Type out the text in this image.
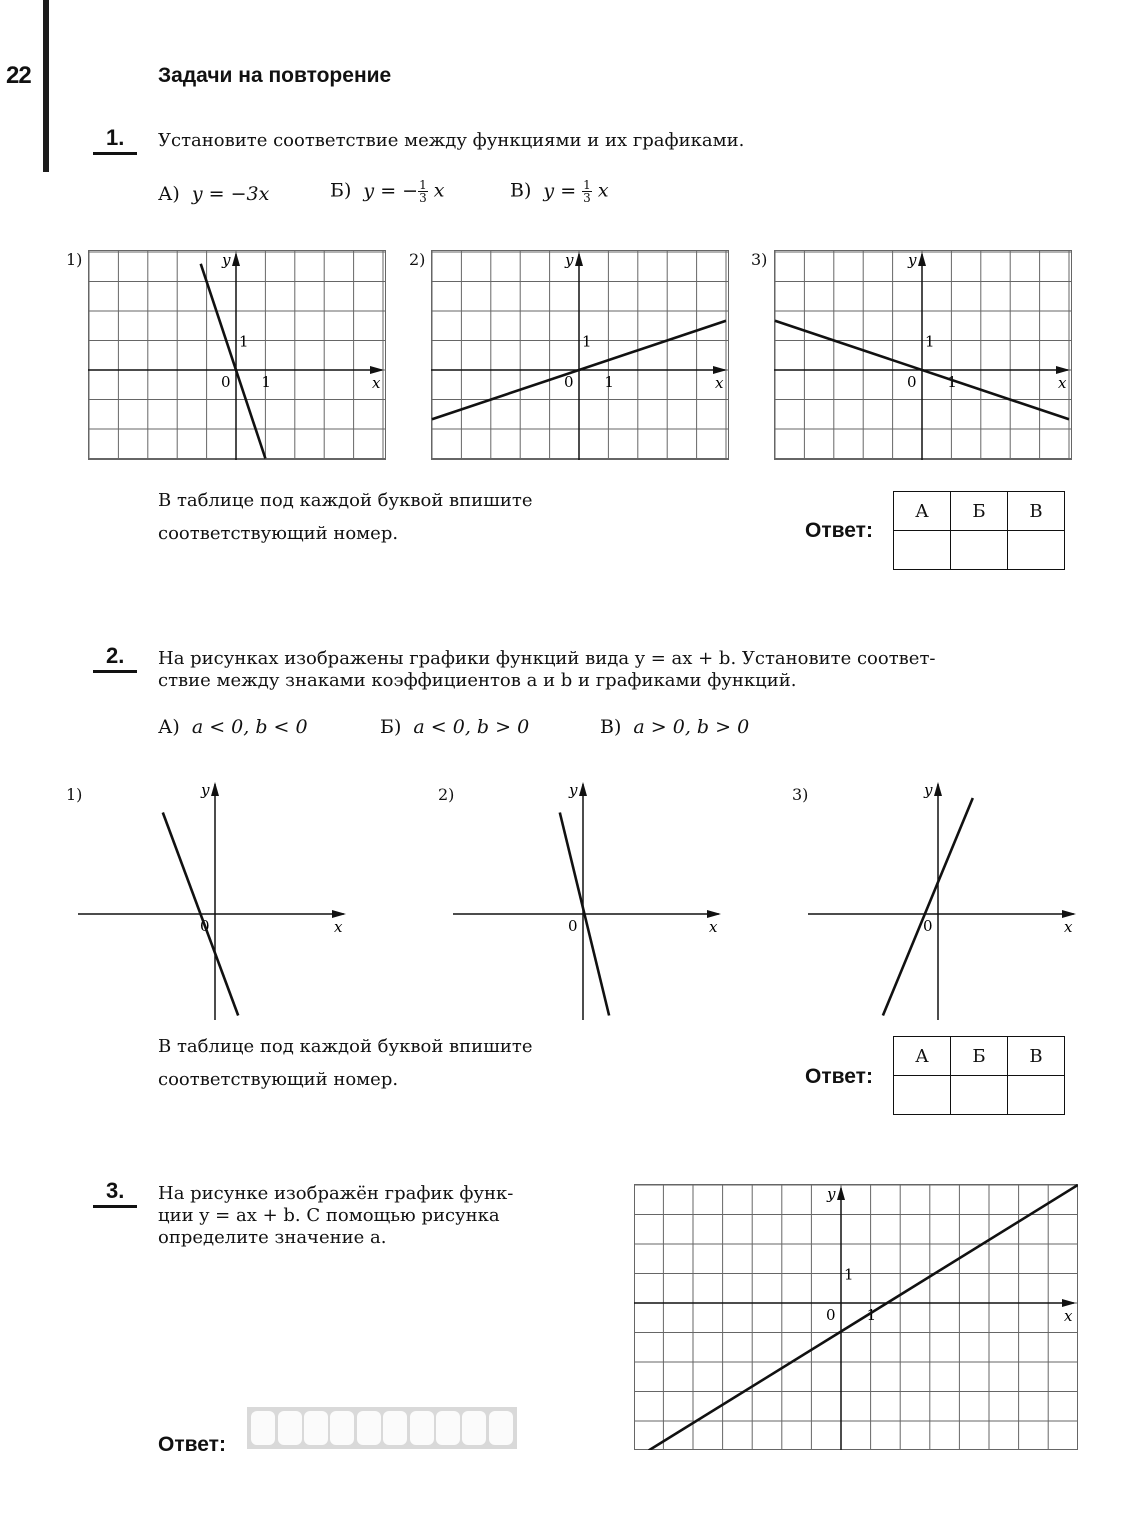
22	Задачи на повторение
1. Установите соответствие между функциями и их графиками.
А) y = −3x	Б) y = − $\frac{1}{3}$ x	В) $y = \frac{1}{3}$ x
1)	2)	3)
x
y
0
1
1	x
y
0
1
1	x
y
0
1
1
В таблице под каждой буквой впишите
соответствующий номер.	Ответ:
А	Б	В

2. На рисунках изображены графики функций вида y = ax + b. Установите соответ-
ствие между знаками коэффициентов a и b и графиками функций.
А) a < 0, b < 0	Б) a < 0, b > 0	В) a > 0, b > 0
1)	2)	3)
x
y
0	x
y
0	x
y
0
В таблице под каждой буквой впишите
соответствующий номер.	Ответ:
А	Б	В

3. На рисунке изображён график функ-
ции y = ax + b. С помощью рисунка
определите значение a.
x
y
0
1
1
Ответ:
